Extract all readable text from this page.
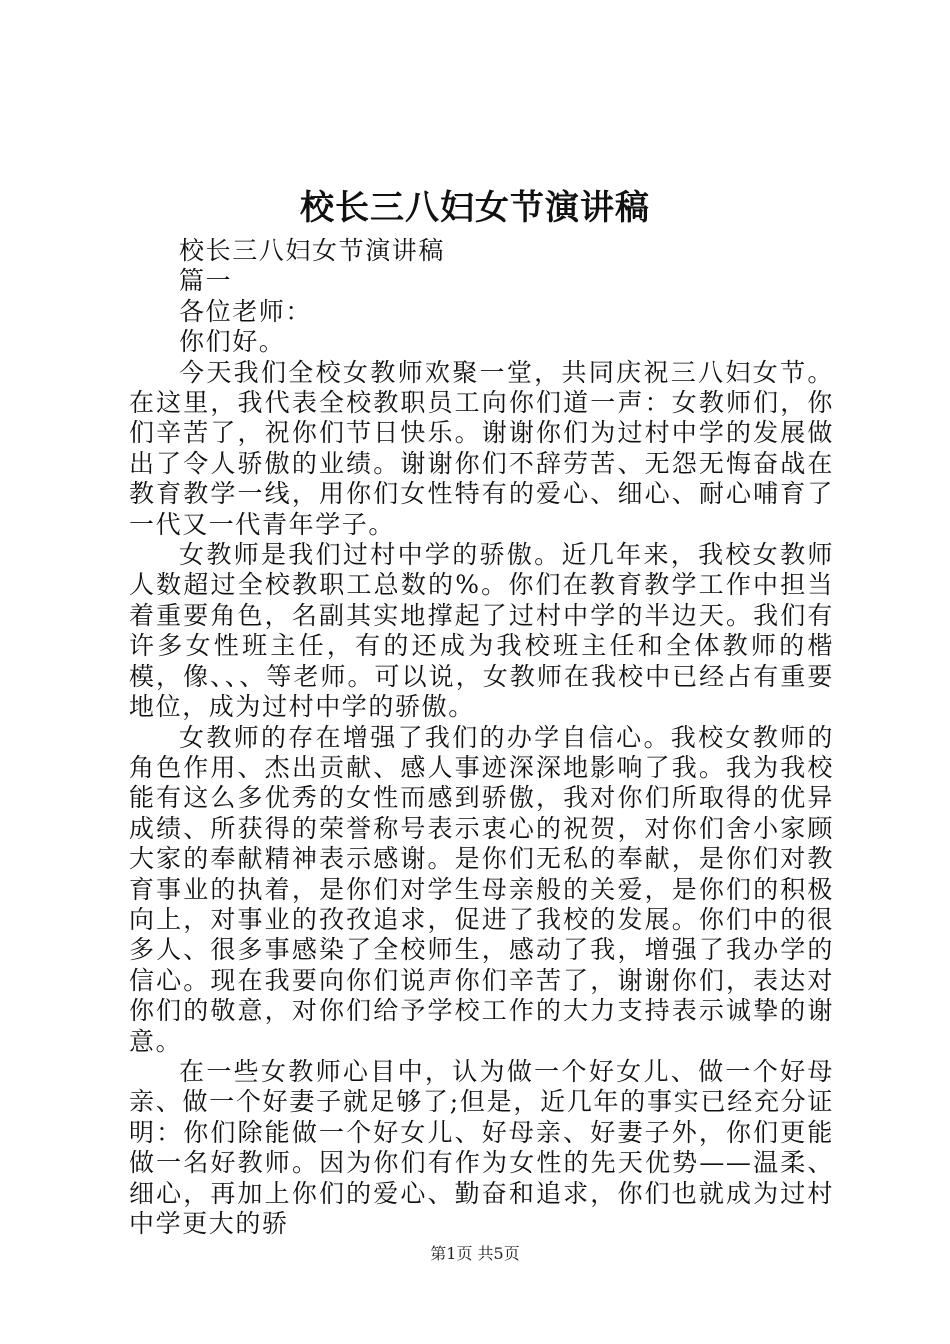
校长三八妇女节演讲稿

校长三八妇女节演讲稿

篇一

各位老师：

你们好。

今天我们全校女教师欢聚一堂，共同庆祝三八妇女节。在这里，我代表全校教职员工向你们道一声：女教师们，你们辛苦了，祝你们节日快乐。谢谢你们为过村中学的发展做出了令人骄傲的业绩。谢谢你们不辞劳苦、无怨无悔奋战在教育教学一线，用你们女性特有的爱心、细心、耐心哺育了一代又一代青年学子。

女教师是我们过村中学的骄傲。近几年来，我校女教师人数超过全校教职工总数的%。你们在教育教学工作中担当着重要角色，名副其实地撑起了过村中学的半边天。我们有许多女性班主任，有的还成为我校班主任和全体教师的楷模，像、、、等老师。可以说，女教师在我校中已经占有重要地位，成为过村中学的骄傲。

女教师的存在增强了我们的办学自信心。我校女教师的角色作用、杰出贡献、感人事迹深深地影响了我。我为我校能有这么多优秀的女性而感到骄傲，我对你们所取得的优异成绩、所获得的荣誉称号表示衷心的祝贺，对你们舍小家顾大家的奉献精神表示感谢。是你们无私的奉献，是你们对教育事业的执着，是你们对学生母亲般的关爱，是你们的积极向上，对事业的孜孜追求，促进了我校的发展。你们中的很多人、很多事感染了全校师生，感动了我，增强了我办学的信心。现在我要向你们说声你们辛苦了，谢谢你们，表达对你们的敬意，对你们给予学校工作的大力支持表示诚挚的谢意。

在一些女教师心目中，认为做一个好女儿、做一个好母亲、做一个好妻子就足够了;但是，近几年的事实已经充分证明：你们除能做一个好女儿、好母亲、好妻子外，你们更能做一名好教师。因为你们有作为女性的先天优势——温柔、细心，再加上你们的爱心、勤奋和追求，你们也就成为过村中学更大的骄

第1页 共5页
